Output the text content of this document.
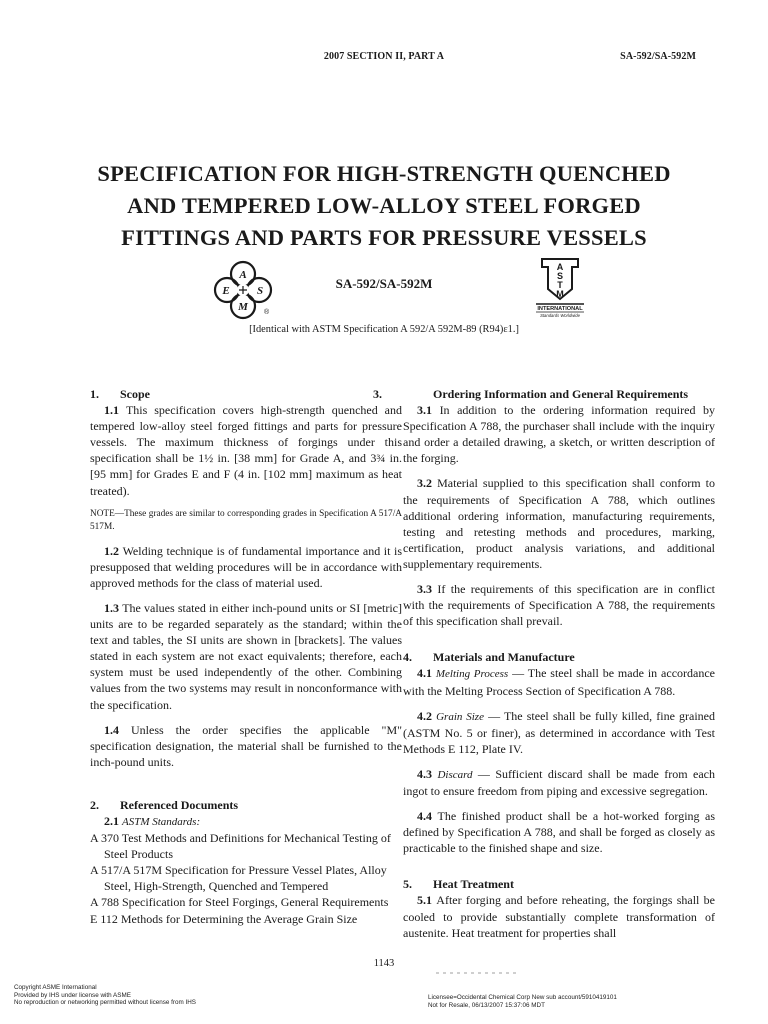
2007 SECTION II, PART A	SA-592/SA-592M
SPECIFICATION FOR HIGH-STRENGTH QUENCHED
AND TEMPERED LOW-ALLOY STEEL FORGED
FITTINGS AND PARTS FOR PRESSURE VESSELS
A
E S
M ®
SA-592/SA-592M
A
S
T
M
INTERNATIONAL
Standards Worldwide
[Identical with ASTM Specification A 592/A 592M-89 (R94)ε1.]

1. Scope

1.1 This specification covers high-strength quenched and tempered low-alloy steel forged fittings and parts for pressure vessels. The maximum thickness of forgings under this specification shall be 1½ in. [38 mm] for Grade A, and 3¾ in. [95 mm] for Grades E and F (4 in. [102 mm] maximum as heat treated).

NOTE—These grades are similar to corresponding grades in Specification A 517/A 517M.

1.2 Welding technique is of fundamental importance and it is presupposed that welding procedures will be in accordance with approved methods for the class of material used.

1.3 The values stated in either inch-pound units or SI [metric] units are to be regarded separately as the standard; within the text and tables, the SI units are shown in [brackets]. The values stated in each system are not exact equivalents; therefore, each system must be used independently of the other. Combining values from the two systems may result in nonconformance with the specification.

1.4 Unless the order specifies the applicable "M" specification designation, the material shall be furnished to the inch-pound units.

2. Referenced Documents

2.1 ASTM Standards:

A 370 Test Methods and Definitions for Mechanical Testing of Steel Products

A 517/A 517M Specification for Pressure Vessel Plates, Alloy Steel, High-Strength, Quenched and Tempered

A 788 Specification for Steel Forgings, General Requirements

E 112 Methods for Determining the Average Grain Size

3.	Ordering Information and General Requirements

3.1 In addition to the ordering information required by Specification A 788, the purchaser shall include with the inquiry and order a detailed drawing, a sketch, or written description of the forging.

3.2 Material supplied to this specification shall conform to the requirements of Specification A 788, which outlines additional ordering information, manufacturing requirements, testing and retesting methods and procedures, marking, certification, product analysis variations, and additional supplementary requirements.

3.3 If the requirements of this specification are in conflict with the requirements of Specification A 788, the requirements of this specification shall prevail.

4. Materials and Manufacture

4.1 Melting Process — The steel shall be made in accordance with the Melting Process Section of Specification A 788.

4.2 Grain Size — The steel shall be fully killed, fine grained (ASTM No. 5 or finer), as determined in accordance with Test Methods E 112, Plate IV.

4.3 Discard — Sufficient discard shall be made from each ingot to ensure freedom from piping and excessive segregation.

4.4 The finished product shall be a hot-worked forging as defined by Specification A 788, and shall be forged as closely as practicable to the finished shape and size.

5. Heat Treatment

5.1 After forging and before reheating, the forgings shall be cooled to provide substantially complete transformation of austenite. Heat treatment for properties shall

1143
Copyright ASME International
Provided by IHS under license with ASME
No reproduction or networking permitted without license from IHS
Licensee=Occidental Chemical Corp New sub account/5910419101
Not for Resale, 06/13/2007 15:37:06 MDT
